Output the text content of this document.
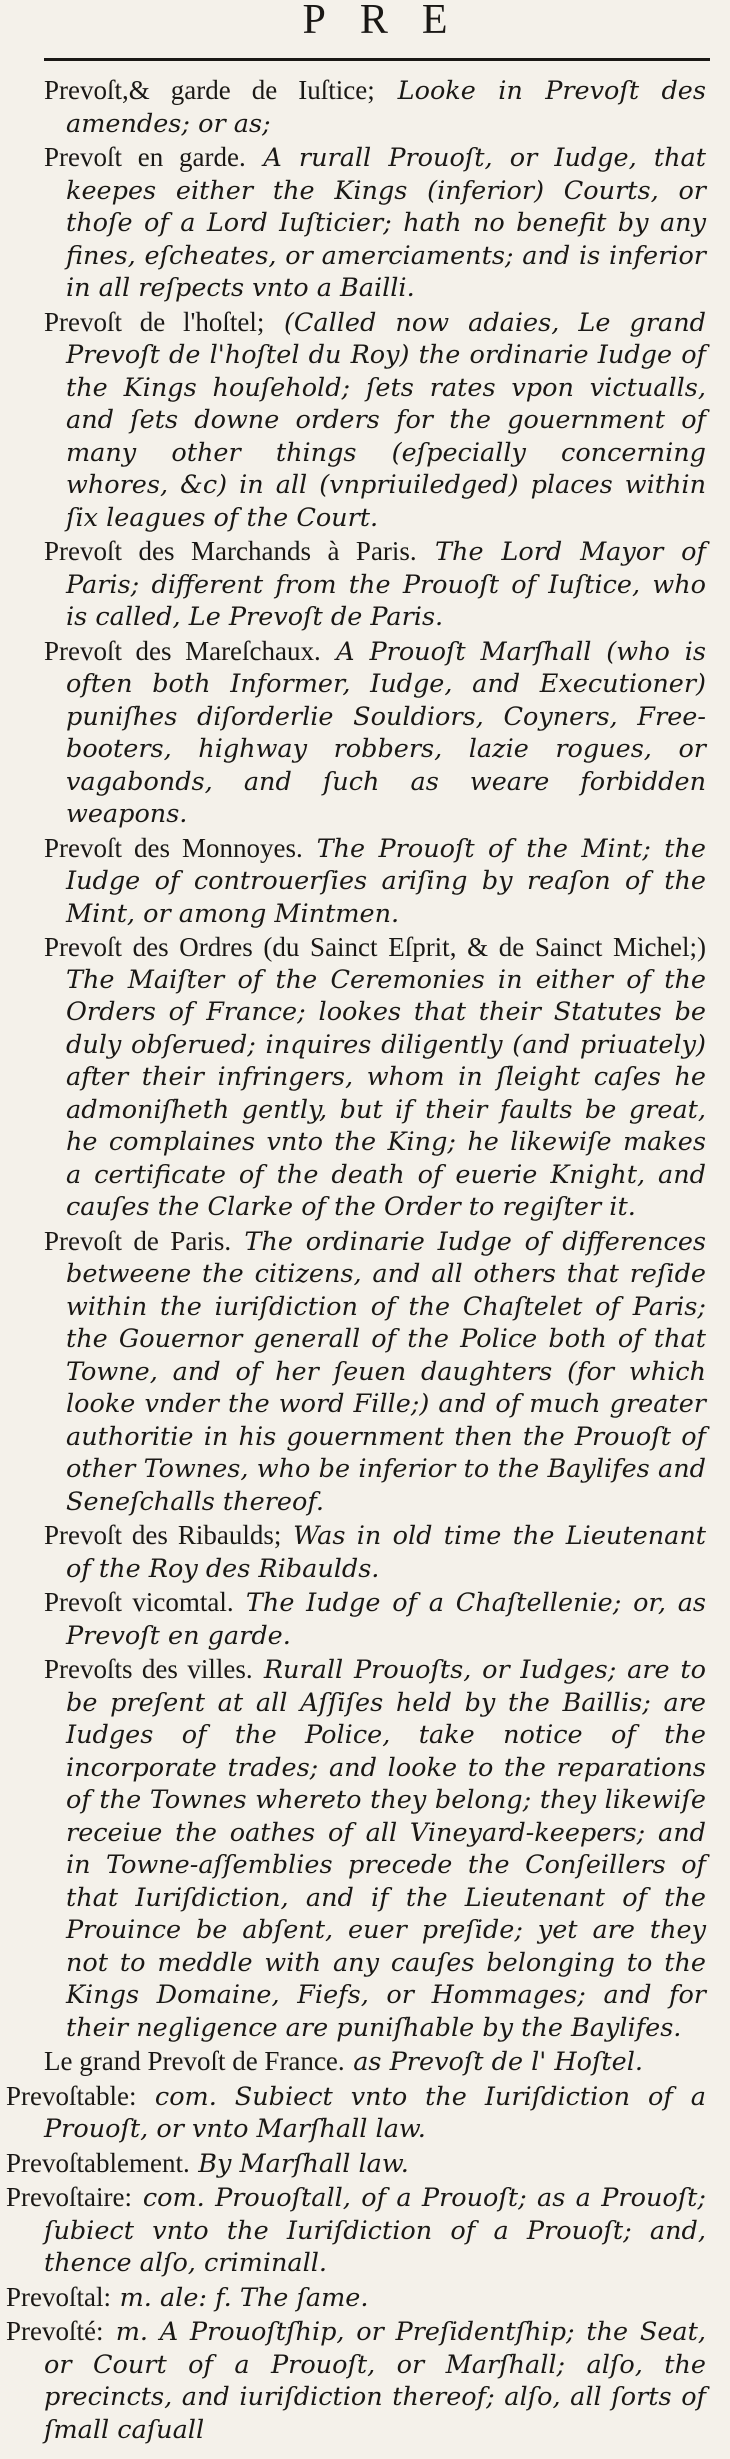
PRE

Prevoſt,& garde de Iuſtice; Looke in Prevoſt des amendes; or as;

Prevoſt en garde. A rurall Prouoſt, or Iudge, that keepes either the Kings (inferior) Courts, or thoſe of a Lord Iuſticier; hath no benefit by any fines, eſcheates, or amerciaments; and is inferior in all reſpects vnto a Bailli.

Prevoſt de l'hoſtel; (Called now adaies, Le grand Prevoſt de l'hoſtel du Roy) the ordinarie Iudge of the Kings houſehold; ſets rates vpon victualls, and ſets downe orders for the gouernment of many other things (eſpecially concerning whores, &c) in all (vnpriuiledged) places within ſix leagues of the Court.

Prevoſt des Marchands à Paris. The Lord Mayor of Paris; different from the Prouoſt of Iuſtice, who is called, Le Prevoſt de Paris.

Prevoſt des Mareſchaux. A Prouoſt Marſhall (who is often both Informer, Iudge, and Executioner) puniſhes diſorderlie Souldiors, Coyners, Free-booters, highway robbers, lazie rogues, or vagabonds, and ſuch as weare forbidden weapons.

Prevoſt des Monnoyes. The Prouoſt of the Mint; the Iudge of controuerſies ariſing by reaſon of the Mint, or among Mintmen.

Prevoſt des Ordres (du Sainct Eſprit, & de Sainct Michel;) The Maiſter of the Ceremonies in either of the Orders of France; lookes that their Statutes be duly obſerued; inquires diligently (and priuately) after their infringers, whom in ſleight caſes he admoniſheth gently, but if their faults be great, he complaines vnto the King; he likewiſe makes a certificate of the death of euerie Knight, and cauſes the Clarke of the Order to regiſter it.

Prevoſt de Paris. The ordinarie Iudge of differences betweene the citizens, and all others that reſide within the iuriſdiction of the Chaſtelet of Paris; the Gouernor generall of the Police both of that Towne, and of her ſeuen daughters (for which looke vnder the word Fille;) and of much greater authoritie in his gouernment then the Prouoſt of other Townes, who be inferior to the Baylifes and Seneſchalls thereof.

Prevoſt des Ribaulds; Was in old time the Lieutenant of the Roy des Ribaulds.

Prevoſt vicomtal. The Iudge of a Chaſtellenie; or, as Prevoſt en garde.

Prevoſts des villes. Rurall Prouoſts, or Iudges; are to be preſent at all Aſſiſes held by the Baillis; are Iudges of the Police, take notice of the incorporate trades; and looke to the reparations of the Townes whereto they belong; they likewiſe receiue the oathes of all Vineyard-keepers; and in Towne-aſſemblies precede the Conſeillers of that Iuriſdiction, and if the Lieutenant of the Prouince be abſent, euer preſide; yet are they not to meddle with any cauſes belonging to the Kings Domaine, Fiefs, or Hommages; and for their negligence are puniſhable by the Baylifes.

Le grand Prevoſt de France. as Prevoſt de l' Hoſtel.

Prevoſtable: com. Subiect vnto the Iuriſdiction of a Prouoſt, or vnto Marſhall law.

Prevoſtablement. By Marſhall law.

Prevoſtaire: com. Prouoſtall, of a Prouoſt; as a Prouoſt; ſubiect vnto the Iuriſdiction of a Prouoſt; and, thence alſo, criminall.

Prevoſtal: m. ale: f. The ſame.

Prevoſté: m. A Prouoſtſhip, or Preſidentſhip; the Seat, or Court of a Prouoſt, or Marſhall; alſo, the precincts, and iuriſdiction thereof; alſo, all ſorts of ſmall caſuall
